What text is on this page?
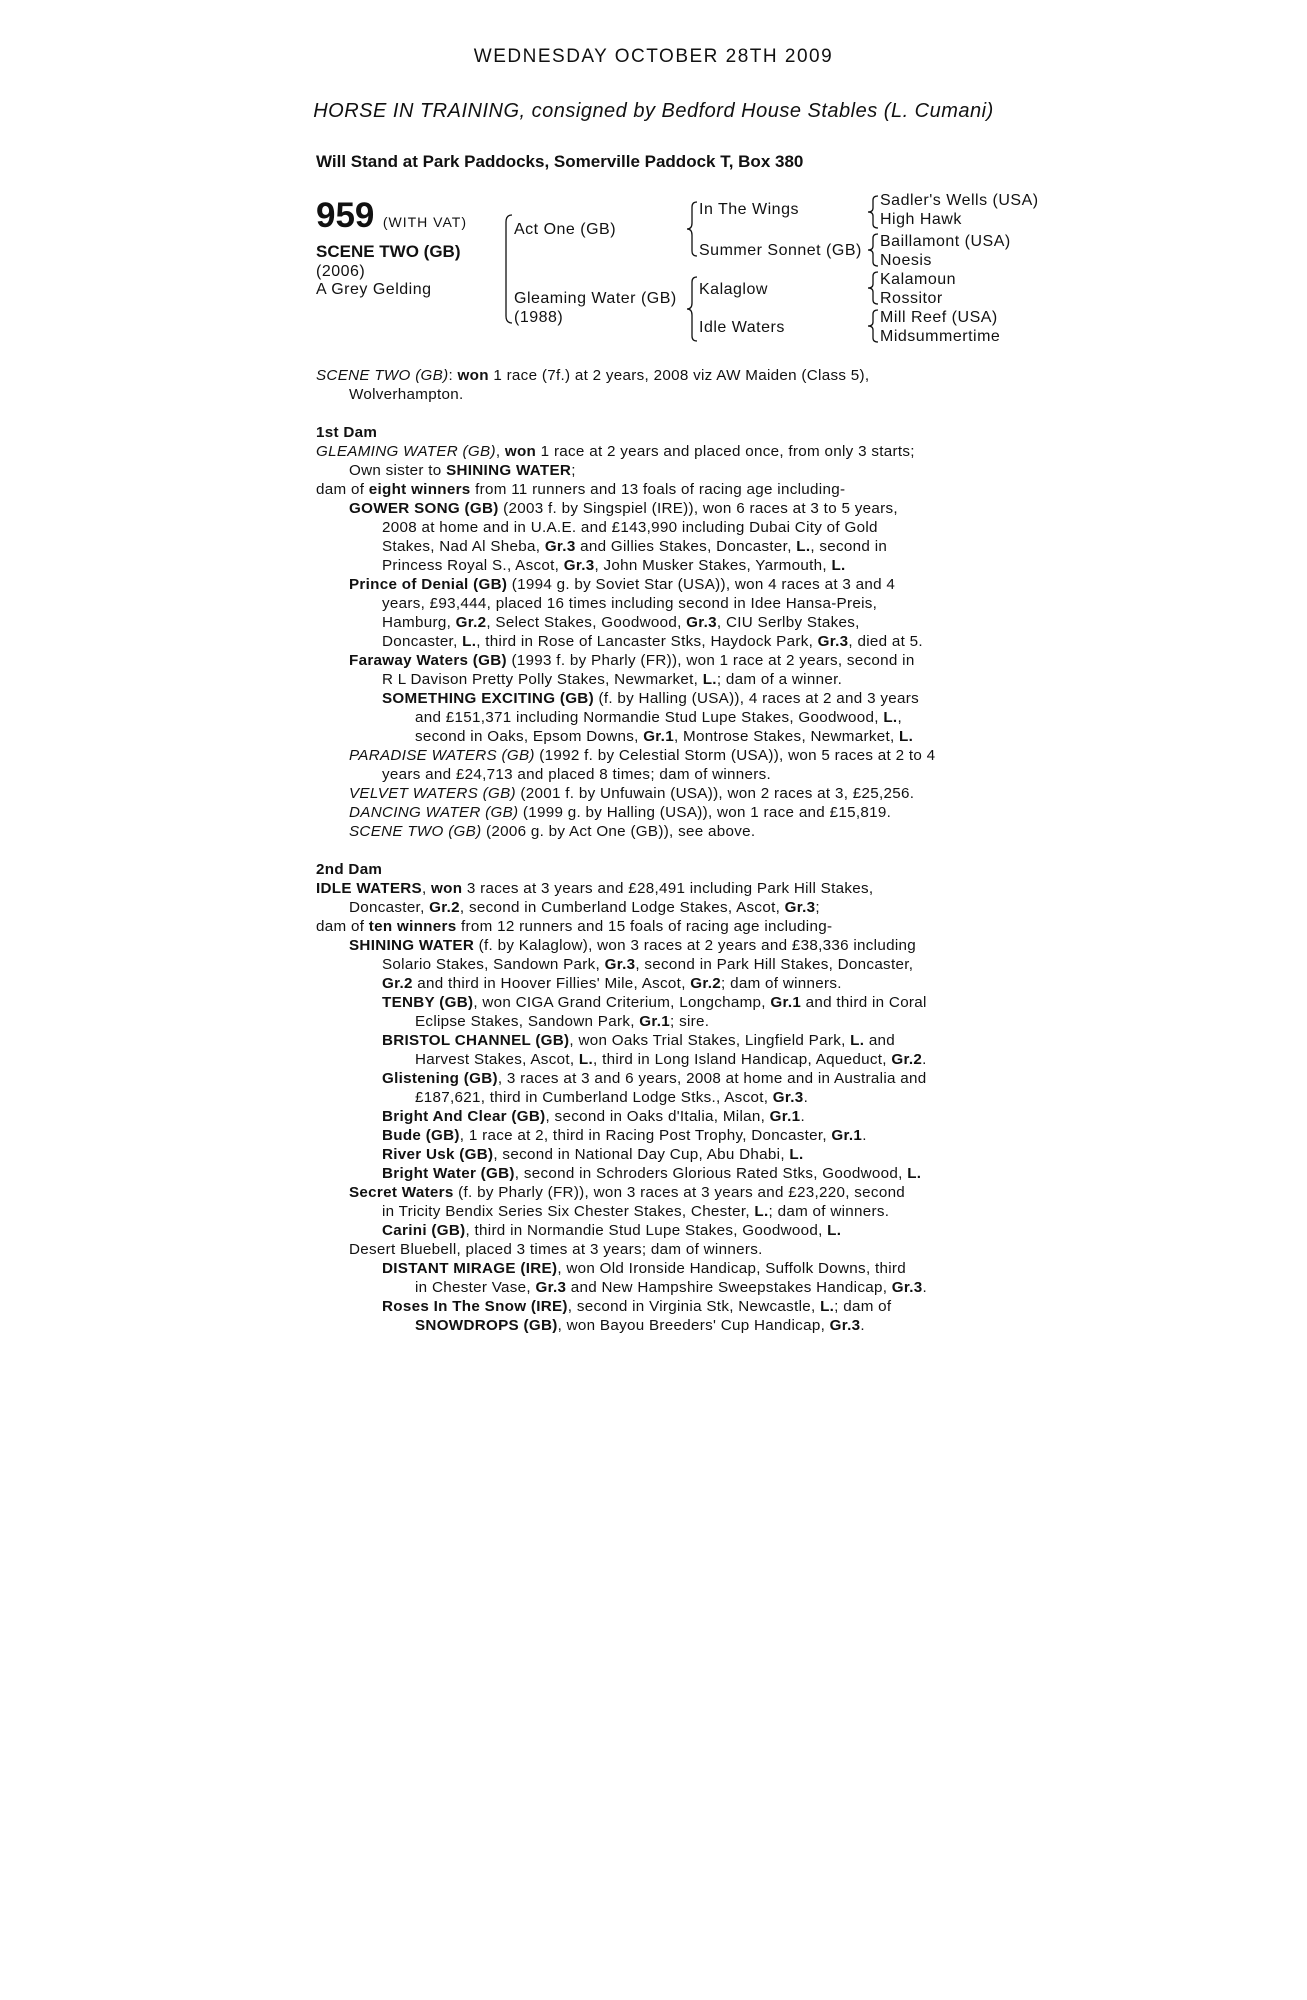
WEDNESDAY OCTOBER 28TH 2009
HORSE IN TRAINING, consigned by Bedford House Stables (L. Cumani)
Will Stand at Park Paddocks, Somerville Paddock T, Box 380
959 (WITH VAT)
SCENE TWO (GB)
(2006)
A Grey Gelding
Act One (GB)
Gleaming Water (GB)
(1988)
In The Wings
Summer Sonnet (GB)
Kalaglow
Idle Waters
Sadler's Wells (USA)
High Hawk
Baillamont (USA)
Noesis
Kalamoun
Rossitor
Mill Reef (USA)
Midsummertime
SCENE TWO (GB): won 1 race (7f.) at 2 years, 2008 viz AW Maiden (Class 5),
Wolverhampton.
1st Dam
GLEAMING WATER (GB), won 1 race at 2 years and placed once, from only 3 starts;
Own sister to SHINING WATER;
dam of eight winners from 11 runners and 13 foals of racing age including-
GOWER SONG (GB) (2003 f. by Singspiel (IRE)), won 6 races at 3 to 5 years,
2008 at home and in U.A.E. and £143,990 including Dubai City of Gold
Stakes, Nad Al Sheba, Gr.3 and Gillies Stakes, Doncaster, L., second in
Princess Royal S., Ascot, Gr.3, John Musker Stakes, Yarmouth, L.
Prince of Denial (GB) (1994 g. by Soviet Star (USA)), won 4 races at 3 and 4
years, £93,444, placed 16 times including second in Idee Hansa-Preis,
Hamburg, Gr.2, Select Stakes, Goodwood, Gr.3, CIU Serlby Stakes,
Doncaster, L., third in Rose of Lancaster Stks, Haydock Park, Gr.3, died at 5.
Faraway Waters (GB) (1993 f. by Pharly (FR)), won 1 race at 2 years, second in
R L Davison Pretty Polly Stakes, Newmarket, L.; dam of a winner.
SOMETHING EXCITING (GB) (f. by Halling (USA)), 4 races at 2 and 3 years
and £151,371 including Normandie Stud Lupe Stakes, Goodwood, L.,
second in Oaks, Epsom Downs, Gr.1, Montrose Stakes, Newmarket, L.
PARADISE WATERS (GB) (1992 f. by Celestial Storm (USA)), won 5 races at 2 to 4
years and £24,713 and placed 8 times; dam of winners.
VELVET WATERS (GB) (2001 f. by Unfuwain (USA)), won 2 races at 3, £25,256.
DANCING WATER (GB) (1999 g. by Halling (USA)), won 1 race and £15,819.
SCENE TWO (GB) (2006 g. by Act One (GB)), see above.
2nd Dam
IDLE WATERS, won 3 races at 3 years and £28,491 including Park Hill Stakes,
Doncaster, Gr.2, second in Cumberland Lodge Stakes, Ascot, Gr.3;
dam of ten winners from 12 runners and 15 foals of racing age including-
SHINING WATER (f. by Kalaglow), won 3 races at 2 years and £38,336 including
Solario Stakes, Sandown Park, Gr.3, second in Park Hill Stakes, Doncaster,
Gr.2 and third in Hoover Fillies' Mile, Ascot, Gr.2; dam of winners.
TENBY (GB), won CIGA Grand Criterium, Longchamp, Gr.1 and third in Coral
Eclipse Stakes, Sandown Park, Gr.1; sire.
BRISTOL CHANNEL (GB), won Oaks Trial Stakes, Lingfield Park, L. and
Harvest Stakes, Ascot, L., third in Long Island Handicap, Aqueduct, Gr.2.
Glistening (GB), 3 races at 3 and 6 years, 2008 at home and in Australia and
£187,621, third in Cumberland Lodge Stks., Ascot, Gr.3.
Bright And Clear (GB), second in Oaks d'Italia, Milan, Gr.1.
Bude (GB), 1 race at 2, third in Racing Post Trophy, Doncaster, Gr.1.
River Usk (GB), second in National Day Cup, Abu Dhabi, L.
Bright Water (GB), second in Schroders Glorious Rated Stks, Goodwood, L.
Secret Waters (f. by Pharly (FR)), won 3 races at 3 years and £23,220, second
in Tricity Bendix Series Six Chester Stakes, Chester, L.; dam of winners.
Carini (GB), third in Normandie Stud Lupe Stakes, Goodwood, L.
Desert Bluebell, placed 3 times at 3 years; dam of winners.
DISTANT MIRAGE (IRE), won Old Ironside Handicap, Suffolk Downs, third
in Chester Vase, Gr.3 and New Hampshire Sweepstakes Handicap, Gr.3.
Roses In The Snow (IRE), second in Virginia Stk, Newcastle, L.; dam of
SNOWDROPS (GB), won Bayou Breeders' Cup Handicap, Gr.3.
